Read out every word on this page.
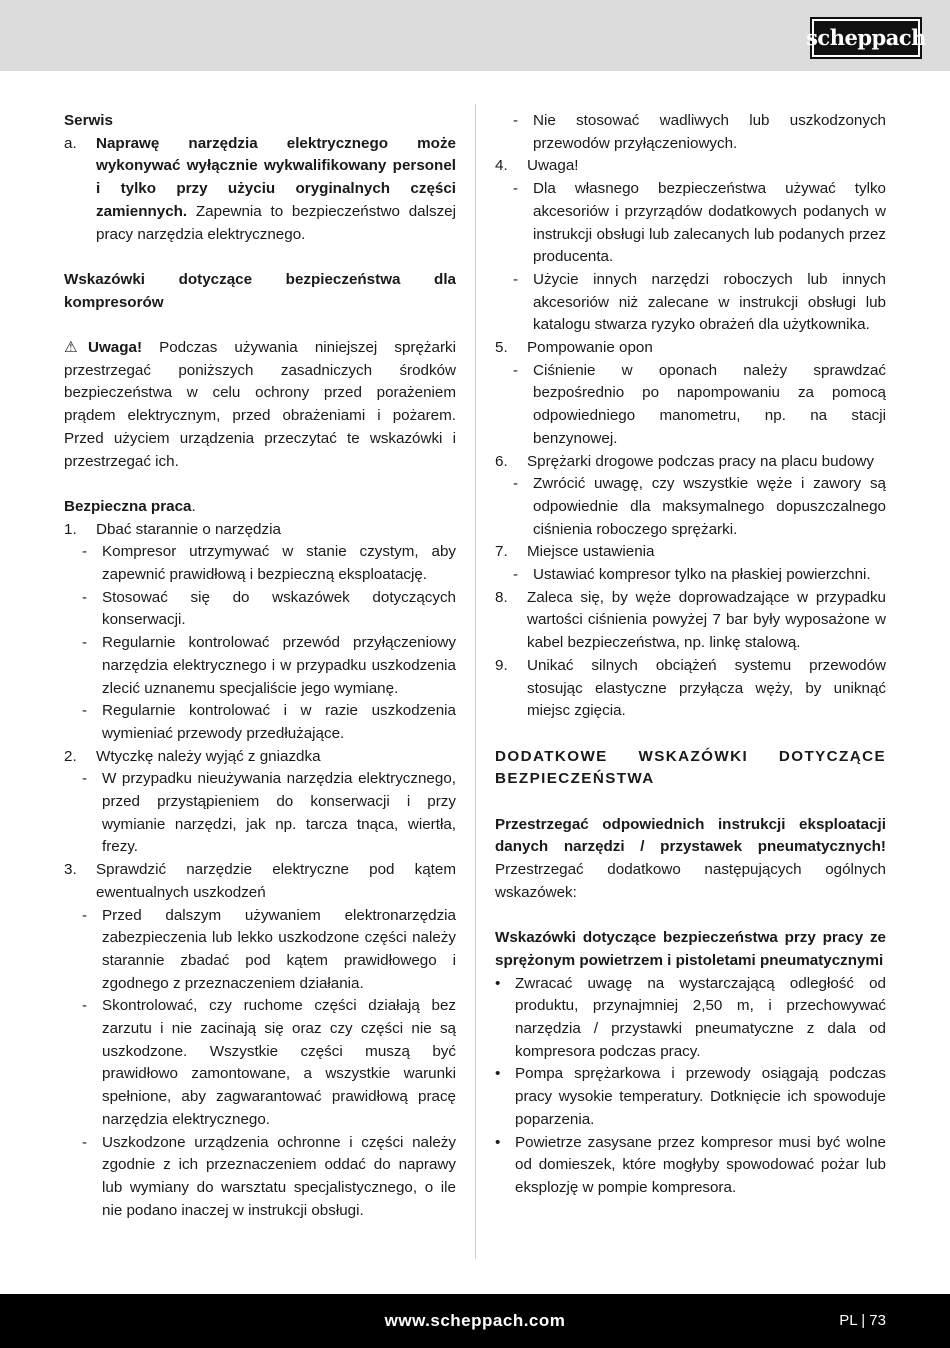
scheppach

Serwis

a.	Naprawę narzędzia elektrycznego może wykonywać wyłącznie wykwalifikowany personel i tylko przy użyciu oryginalnych części zamiennych. Zapewnia to bezpieczeństwo dalszej pracy narzędzia elektrycznego.

Wskazówki dotyczące bezpieczeństwa dla kompresorów

⚠ Uwaga! Podczas używania niniejszej sprężarki przestrzegać poniższych zasadniczych środków bezpieczeństwa w celu ochrony przed porażeniem prądem elektrycznym, przed obrażeniami i pożarem. Przed użyciem urządzenia przeczytać te wskazówki i przestrzegać ich.

Bezpieczna praca.

1.	Dbać starannie o narzędzia
- Kompresor utrzymywać w stanie czystym, aby zapewnić prawidłową i bezpieczną eksploatację.
- Stosować się do wskazówek dotyczących konserwacji.
- Regularnie kontrolować przewód przyłączeniowy narzędzia elektrycznego i w przypadku uszkodzenia zlecić uznanemu specjaliście jego wymianę.
- Regularnie kontrolować i w razie uszkodzenia wymieniać przewody przedłużające.
2.	Wtyczkę należy wyjąć z gniazdka
- W przypadku nieużywania narzędzia elektrycznego, przed przystąpieniem do konserwacji i przy wymianie narzędzi, jak np. tarcza tnąca, wiertła, frezy.
3.	Sprawdzić narzędzie elektryczne pod kątem ewentualnych uszkodzeń
- Przed dalszym używaniem elektronarzędzia zabezpieczenia lub lekko uszkodzone części należy starannie zbadać pod kątem prawidłowego i zgodnego z przeznaczeniem działania.
- Skontrolować, czy ruchome części działają bez zarzutu i nie zacinają się oraz czy części nie są uszkodzone. Wszystkie części muszą być prawidłowo zamontowane, a wszystkie warunki spełnione, aby zagwarantować prawidłową pracę narzędzia elektrycznego.
- Uszkodzone urządzenia ochronne i części należy zgodnie z ich przeznaczeniem oddać do naprawy lub wymiany do warsztatu specjalistycznego, o ile nie podano inaczej w instrukcji obsługi.
- Nie stosować wadliwych lub uszkodzonych przewodów przyłączeniowych.
4.	Uwaga!
- Dla własnego bezpieczeństwa używać tylko akcesoriów i przyrządów dodatkowych podanych w instrukcji obsługi lub zalecanych lub podanych przez producenta.
- Użycie innych narzędzi roboczych lub innych akcesoriów niż zalecane w instrukcji obsługi lub katalogu stwarza ryzyko obrażeń dla użytkownika.
5.	Pompowanie opon
- Ciśnienie w oponach należy sprawdzać bezpośrednio po napompowaniu za pomocą odpowiedniego manometru, np. na stacji benzynowej.
6.	Sprężarki drogowe podczas pracy na placu budowy
- Zwrócić uwagę, czy wszystkie węże i zawory są odpowiednie dla maksymalnego dopuszczalnego ciśnienia roboczego sprężarki.
7.	Miejsce ustawienia
- Ustawiać kompresor tylko na płaskiej powierzchni.
8.	Zaleca się, by węże doprowadzające w przypadku wartości ciśnienia powyżej 7 bar były wyposażone w kabel bezpieczeństwa, np. linkę stalową.
9.	Unikać silnych obciążeń systemu przewodów stosując elastyczne przyłącza węży, by uniknąć miejsc zgięcia.

DODATKOWE WSKAZÓWKI DOTYCZĄCE BEZPIECZEŃSTWA

Przestrzegać odpowiednich instrukcji eksploatacji danych narzędzi / przystawek pneumatycznych! Przestrzegać dodatkowo następujących ogólnych wskazówek:

Wskazówki dotyczące bezpieczeństwa przy pracy ze sprężonym powietrzem i pistoletami pneumatycznymi

• Zwracać uwagę na wystarczającą odległość od produktu, przynajmniej 2,50 m, i przechowywać narzędzia / przystawki pneumatyczne z dala od kompresora podczas pracy.
• Pompa sprężarkowa i przewody osiągają podczas pracy wysokie temperatury. Dotknięcie ich spowoduje poparzenia.
• Powietrze zasysane przez kompresor musi być wolne od domieszek, które mogłyby spowodować pożar lub eksplozję w pompie kompresora.
www.scheppach.com	PL | 73
